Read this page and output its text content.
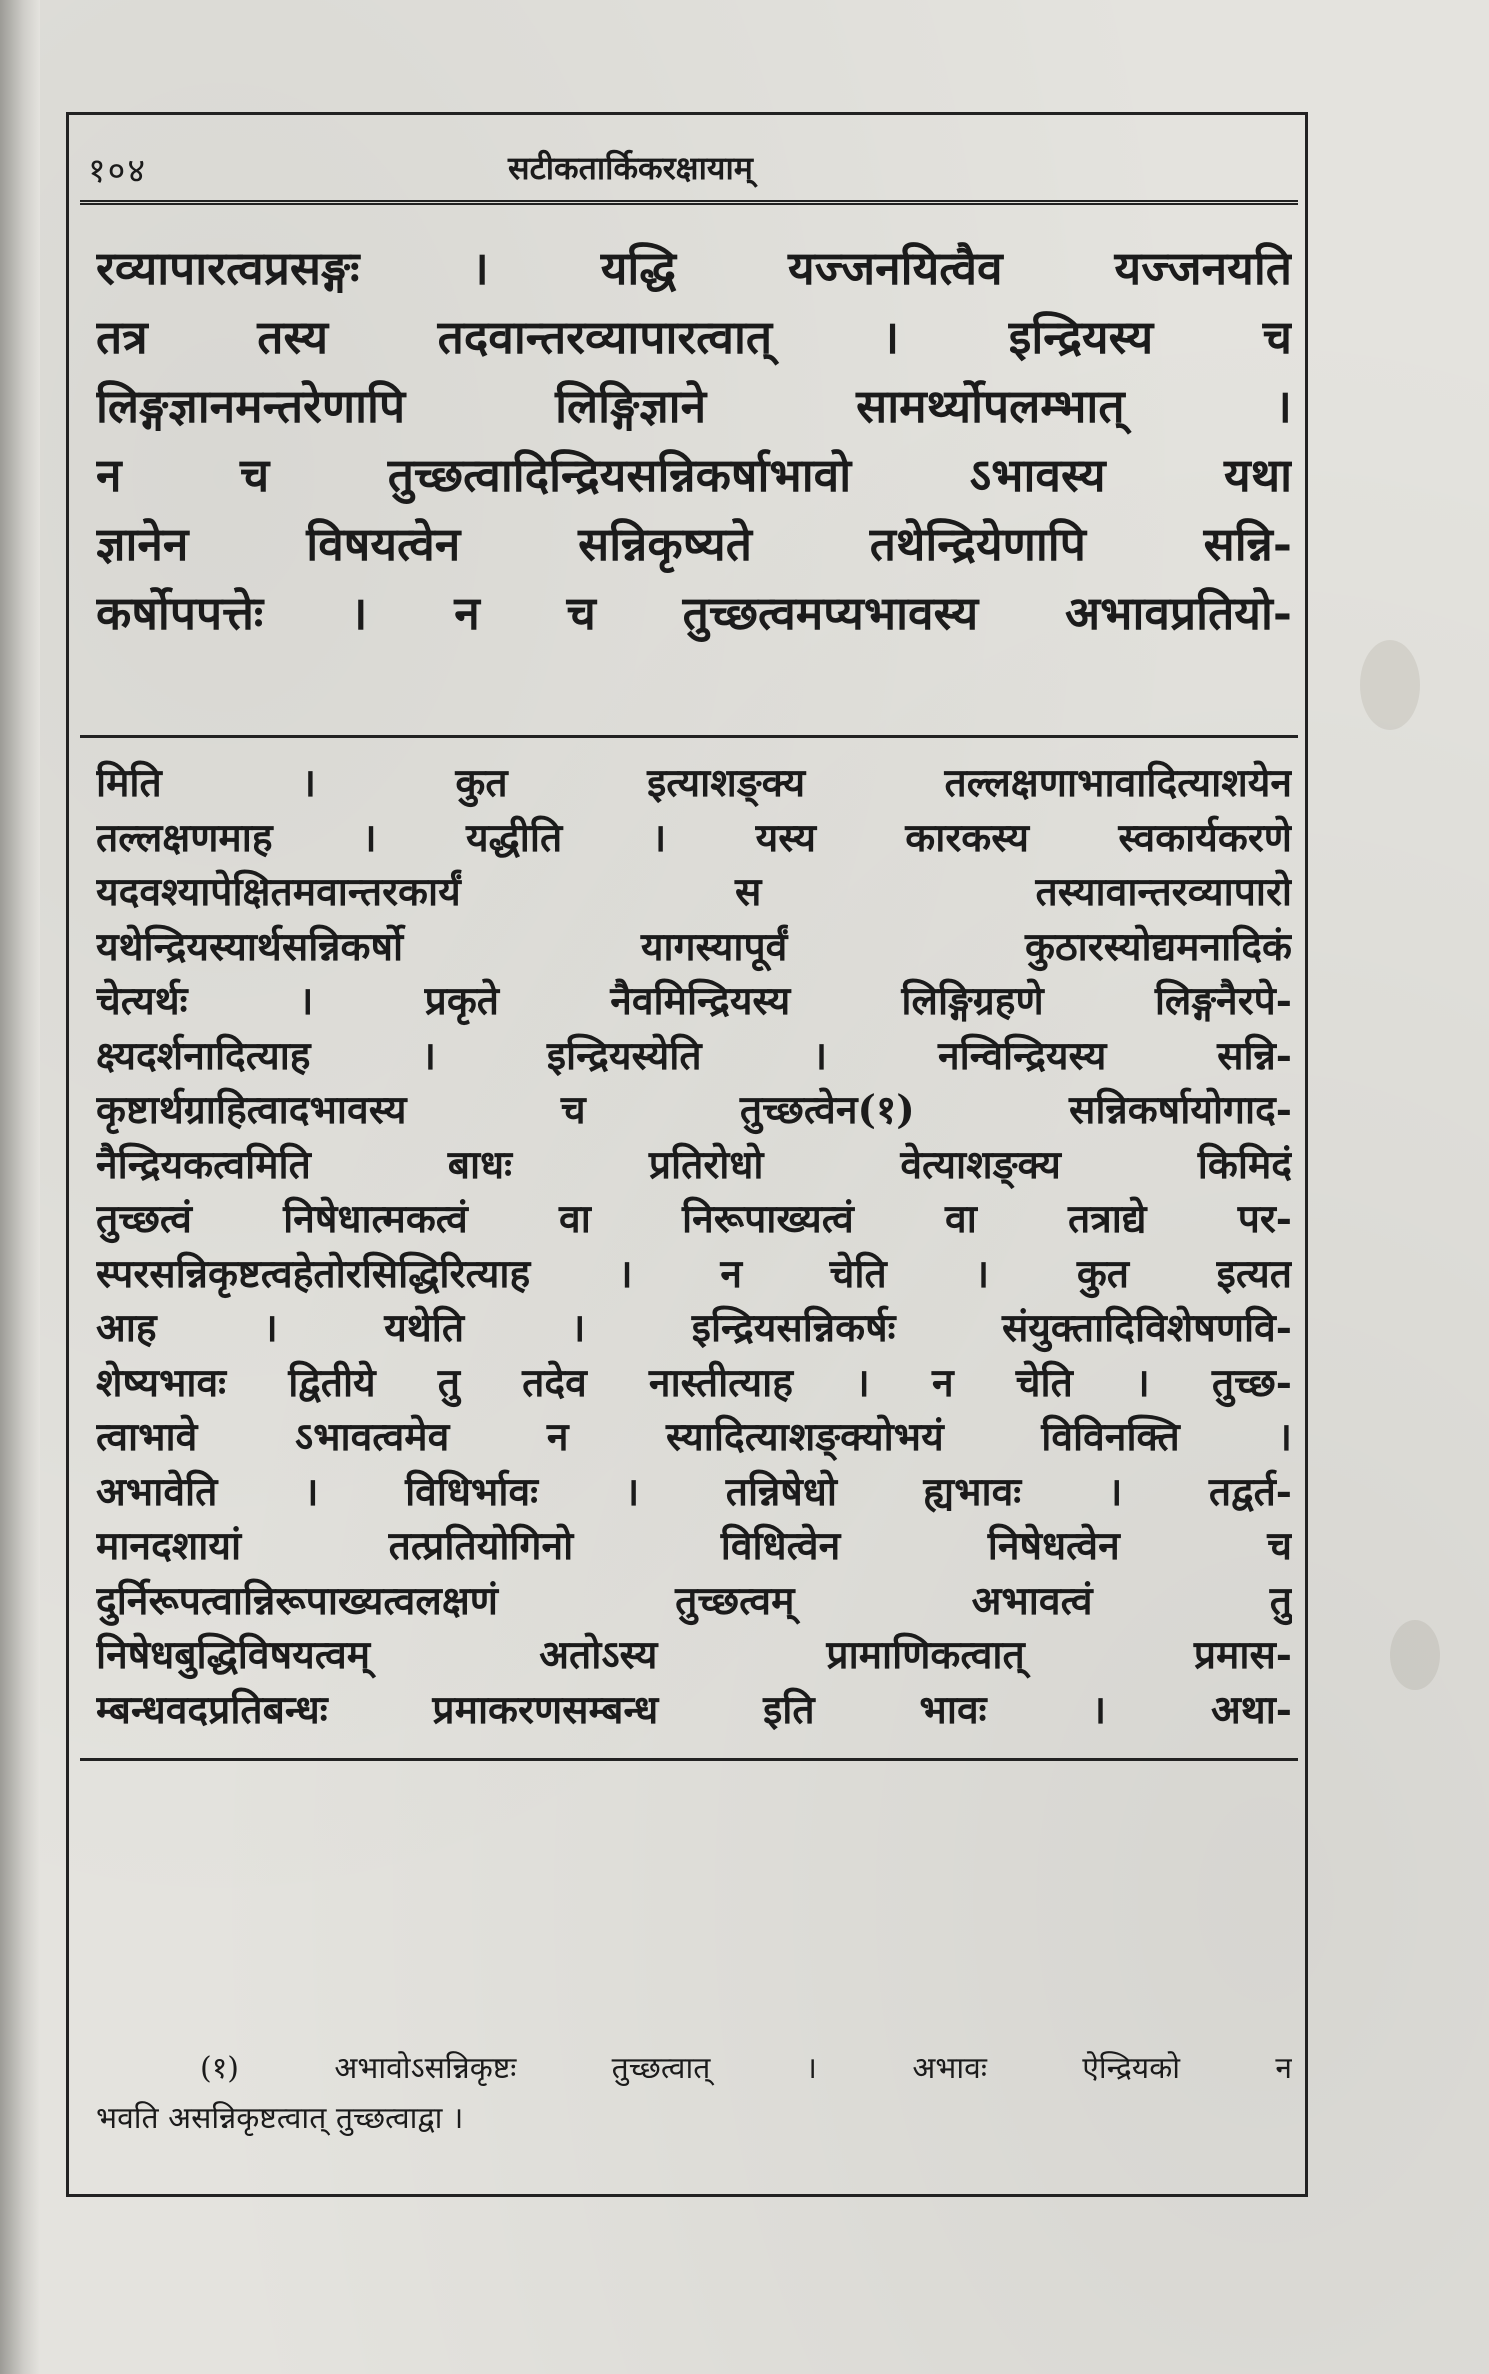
१०४	सटीकतार्किकरक्षायाम्
रव्यापारत्वप्रसङ्गः । यद्धि यज्जनयित्वैव यज्जनयति
तत्र तस्य तदवान्तरव्यापारत्वात् । इन्द्रियस्य च
लिङ्गज्ञानमन्तरेणापि लिङ्गिज्ञाने सामर्थ्योपलम्भात् ।
न च तुच्छत्वादिन्द्रियसन्निकर्षाभावो ऽभावस्य यथा
ज्ञानेन विषयत्वेन सन्निकृष्यते तथेन्द्रियेणापि सन्नि-
कर्षोपपत्तेः । न च तुच्छत्वमप्यभावस्य अभावप्रतियो-
मिति । कुत इत्याशङ्क्य तल्लक्षणाभावादित्याशयेन
तल्लक्षणमाह । यद्धीति । यस्य कारकस्य स्वकार्यकरणे
यदवश्यापेक्षितमवान्तरकार्यं स तस्यावान्तरव्यापारो
यथेन्द्रियस्यार्थसन्निकर्षो यागस्यापूर्वं कुठारस्योद्यमनादिकं
चेत्यर्थः । प्रकृते नैवमिन्द्रियस्य लिङ्गिग्रहणे लिङ्गनैरपे-
क्ष्यदर्शनादित्याह । इन्द्रियस्येति । नन्विन्द्रियस्य सन्नि-
कृष्टार्थग्राहित्वादभावस्य च तुच्छत्वेन(१) सन्निकर्षायोगाद-
नैन्द्रियकत्वमिति बाधः प्रतिरोधो वेत्याशङ्क्य किमिदं
तुच्छत्वं निषेधात्मकत्वं वा निरूपाख्यत्वं वा तत्राद्ये पर-
स्परसन्निकृष्टत्वहेतोरसिद्धिरित्याह । न चेति । कुत इत्यत
आह । यथेति । इन्द्रियसन्निकर्षः संयुक्तादिविशेषणवि-
शेष्यभावः द्वितीये तु तदेव नास्तीत्याह । न चेति । तुच्छ-
त्वाभावे ऽभावत्वमेव न स्यादित्याशङ्क्योभयं विविनक्ति ।
अभावेति । विधिर्भावः । तन्निषेधो ह्यभावः । तद्वर्त-
मानदशायां तत्प्रतियोगिनो विधित्वेन निषेधत्वेन च
दुर्निरूपत्वान्निरूपाख्यत्वलक्षणं तुच्छत्वम् अभावत्वं तु
निषेधबुद्धिविषयत्वम् अतोऽस्य प्रामाणिकत्वात् प्रमास-
म्बन्धवदप्रतिबन्धः प्रमाकरणसम्बन्ध इति भावः । अथा-
(१) अभावोऽसन्निकृष्टः तुच्छत्वात् । अभावः ऐन्द्रियको न
भवति असन्निकृष्टत्वात् तुच्छत्वाद्वा ।
